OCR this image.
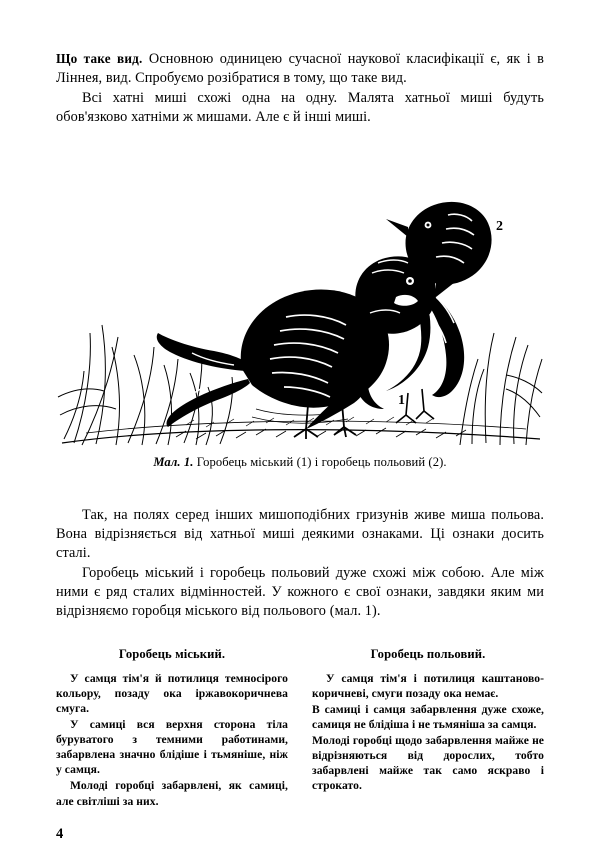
Що таке вид. Основною одиницею сучасної наукової класифікації є, як і в Ліннея, вид. Спробуємо розібратися в тому, що таке вид.

Всі хатні миші схожі одна на одну. Малята хатньої миші будуть обов'язково хатніми ж мишами. Але є й інші миші.

2
1
Мал. 1. Горобець міський (1) і горобець польовий (2).

Так, на полях серед інших мишоподібних гризунів живе миша польова. Вона відрізняється від хатньої миші деякими ознаками. Ці ознаки досить сталі.

Горобець міський і горобець польовий дуже схожі між собою. Але між ними є ряд сталих відмінностей. У кожного є свої ознаки, завдяки яким ми відрізняємо горобця міського від польового (мал. 1).

Горобець міський.

У самця тім'я й потилиця темносірого кольору, позаду ока іржавокоричнева смуга.

У самиці вся верхня сторона тіла буруватого з темними работинами, забарвлена значно блідіше і тьмяніше, ніж у самця.

Молоді горобці забарвлені, як самиці, але світліші за них.

Горобець польовий.

У самця тім'я і потилиця каштаново-коричневі, смуги позаду ока немає.

В самиці і самця забарвлення дуже схоже, самиця не блідіша і не тьмяніша за самця.

Молоді горобці щодо забарвлення майже не відрізняються від дорослих, тобто забарвлені майже так само яскраво і строкато.

4
